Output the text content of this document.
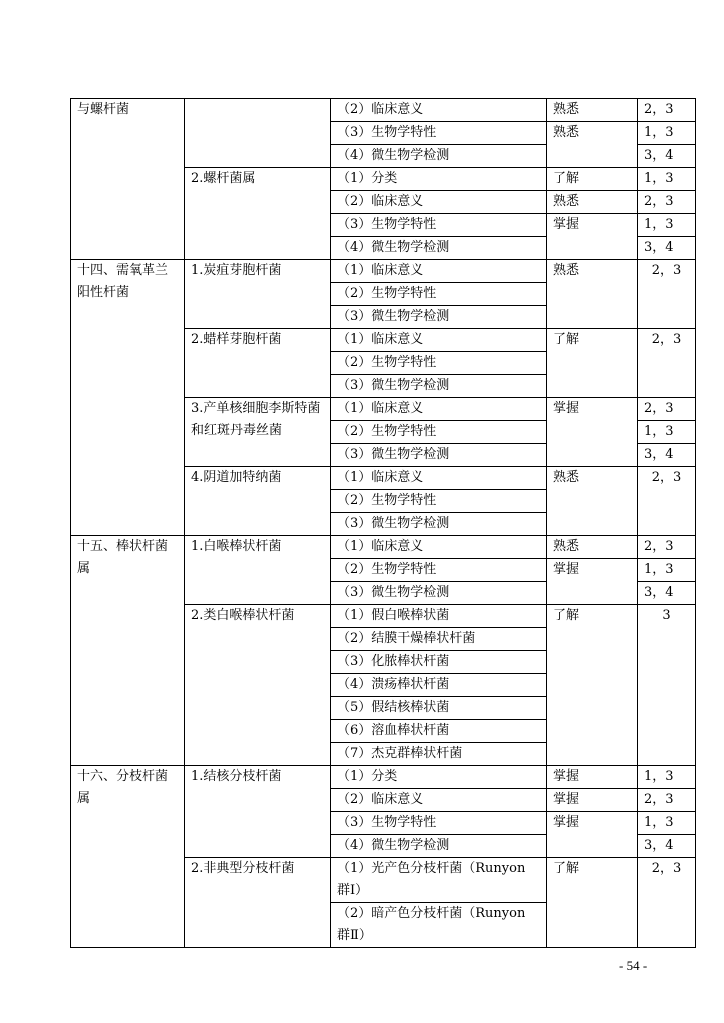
与螺杆菌		（2）临床意义	熟悉	2，3
		（3）生物学特性	熟悉	1，3
		（4）微生物学检测		3，4
	2.螺杆菌属	（1）分类	了解	1，3
		（2）临床意义	熟悉	2，3
		（3）生物学特性	掌握	1，3
		（4）微生物学检测		3，4
十四、需氧革兰阳性杆菌	1.炭疽芽胞杆菌	（1）临床意义	熟悉	2，3
		（2）生物学特性		
		（3）微生物学检测		
	2.蜡样芽胞杆菌	（1）临床意义	了解	2，3
		（2）生物学特性		
		（3）微生物学检测		
	3.产单核细胞李斯特菌和红斑丹毒丝菌	（1）临床意义	掌握	2，3
		（2）生物学特性		1，3
		（3）微生物学检测		3，4
	4.阴道加特纳菌	（1）临床意义	熟悉	2，3
		（2）生物学特性		
		（3）微生物学检测		
十五、棒状杆菌属	1.白喉棒状杆菌	（1）临床意义	熟悉	2，3
		（2）生物学特性	掌握	1，3
		（3）微生物学检测		3，4
	2.类白喉棒状杆菌	（1）假白喉棒状菌	了解	3
		（2）结膜干燥棒状杆菌		
		（3）化脓棒状杆菌		
		（4）溃疡棒状杆菌		
		（5）假结核棒状菌		
		（6）溶血棒状杆菌		
		（7）杰克群棒状杆菌		
十六、分枝杆菌属	1.结核分枝杆菌	（1）分类	掌握	1，3
		（2）临床意义	掌握	2，3
		（3）生物学特性	掌握	1，3
		（4）微生物学检测		3，4
	2.非典型分枝杆菌	（1）光产色分枝杆菌（Runyon 群Ⅰ）	了解	2，3
		（2）暗产色分枝杆菌（Runyon 群Ⅱ）		
- 54 -
